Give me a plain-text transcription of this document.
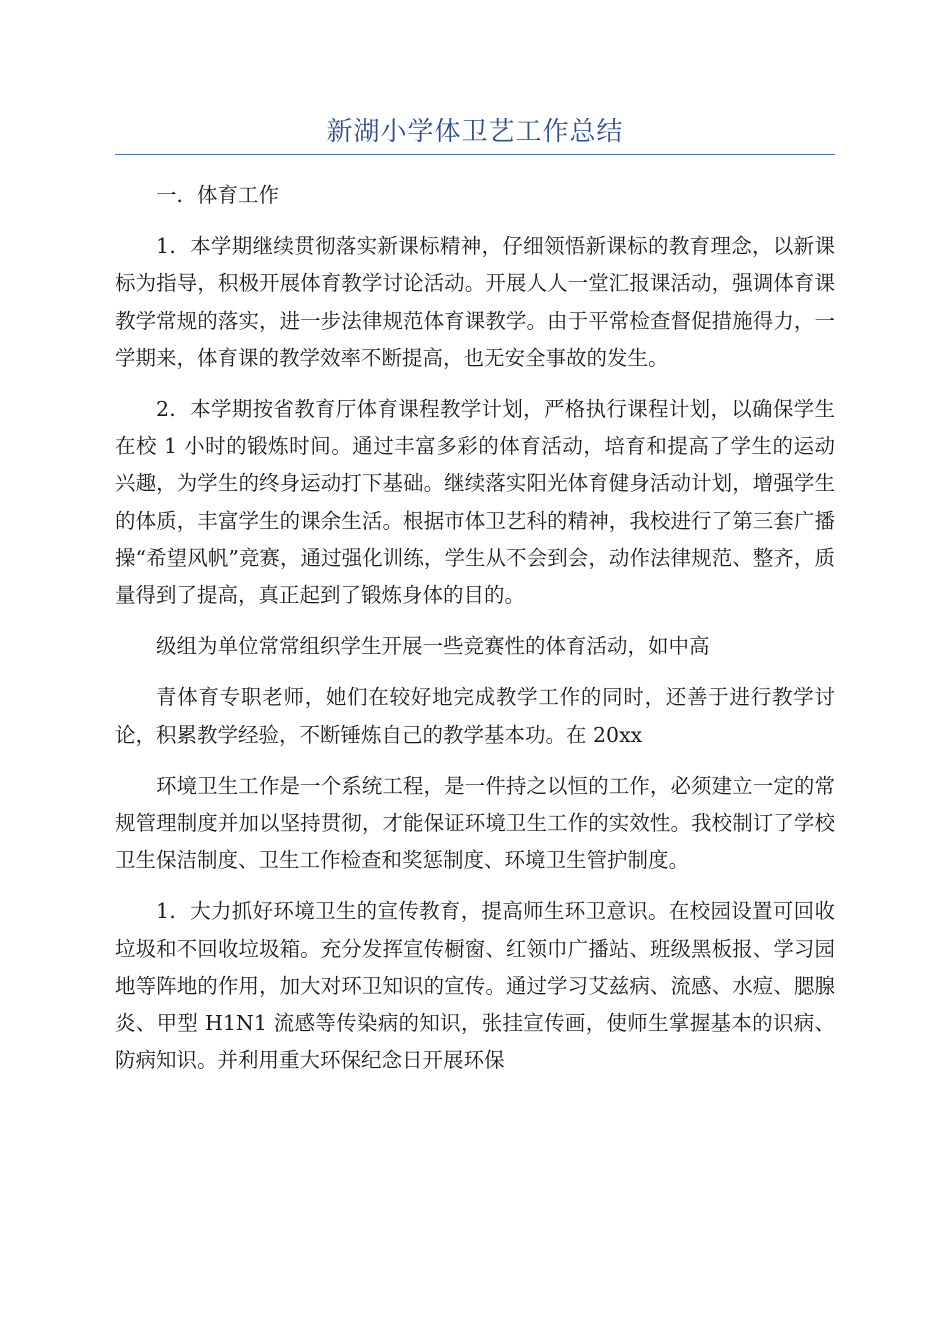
新湖小学体卫艺工作总结

一．体育工作

1．本学期继续贯彻落实新课标精神，仔细领悟新课标的教育理念，以新课标为指导，积极开展体育教学讨论活动。开展人人一堂汇报课活动，强调体育课教学常规的落实，进一步法律规范体育课教学。由于平常检查督促措施得力，一学期来，体育课的教学效率不断提高，也无安全事故的发生。

2．本学期按省教育厅体育课程教学计划，严格执行课程计划，以确保学生在校 1 小时的锻炼时间。通过丰富多彩的体育活动，培育和提高了学生的运动兴趣，为学生的终身运动打下基础。继续落实阳光体育健身活动计划，增强学生的体质，丰富学生的课余生活。根据市体卫艺科的精神，我校进行了第三套广播操“希望风帆”竞赛，通过强化训练，学生从不会到会，动作法律规范、整齐，质量得到了提高，真正起到了锻炼身体的目的。

级组为单位常常组织学生开展一些竞赛性的体育活动，如中高

青体育专职老师，她们在较好地完成教学工作的同时，还善于进行教学讨论，积累教学经验，不断锤炼自己的教学基本功。在 20xx

环境卫生工作是一个系统工程，是一件持之以恒的工作，必须建立一定的常规管理制度并加以坚持贯彻，才能保证环境卫生工作的实效性。我校制订了学校卫生保洁制度、卫生工作检查和奖惩制度、环境卫生管护制度。

1．大力抓好环境卫生的宣传教育，提高师生环卫意识。在校园设置可回收垃圾和不回收垃圾箱。充分发挥宣传橱窗、红领巾广播站、班级黑板报、学习园地等阵地的作用，加大对环卫知识的宣传。通过学习艾兹病、流感、水痘、腮腺炎、甲型 H1N1 流感等传染病的知识，张挂宣传画，使师生掌握基本的识病、防病知识。并利用重大环保纪念日开展环保
